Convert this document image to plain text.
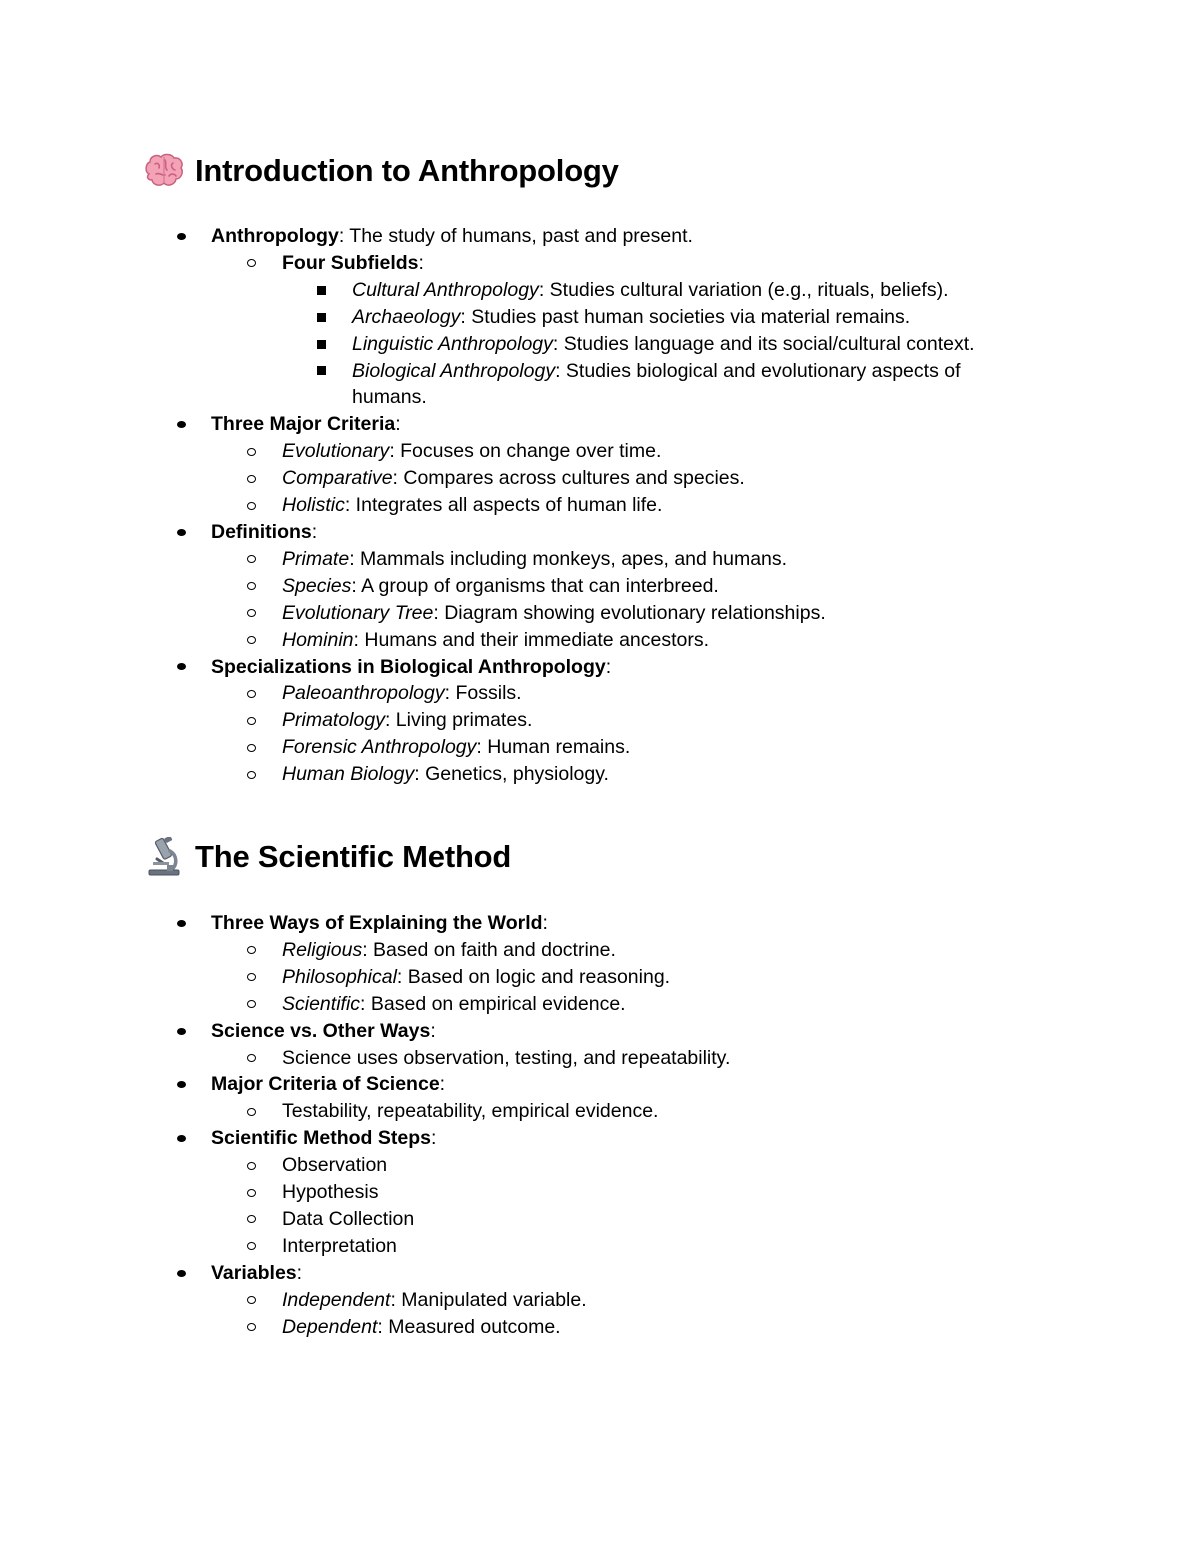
Introduction to Anthropology
Anthropology: The study of humans, past and present.
Four Subfields:
Cultural Anthropology: Studies cultural variation (e.g., rituals, beliefs).
Archaeology: Studies past human societies via material remains.
Linguistic Anthropology: Studies language and its social/cultural context.
Biological Anthropology: Studies biological and evolutionary aspects of humans.
Three Major Criteria:
Evolutionary: Focuses on change over time.
Comparative: Compares across cultures and species.
Holistic: Integrates all aspects of human life.
Definitions:
Primate: Mammals including monkeys, apes, and humans.
Species: A group of organisms that can interbreed.
Evolutionary Tree: Diagram showing evolutionary relationships.
Hominin: Humans and their immediate ancestors.
Specializations in Biological Anthropology:
Paleoanthropology: Fossils.
Primatology: Living primates.
Forensic Anthropology: Human remains.
Human Biology: Genetics, physiology.
The Scientific Method
Three Ways of Explaining the World:
Religious: Based on faith and doctrine.
Philosophical: Based on logic and reasoning.
Scientific: Based on empirical evidence.
Science vs. Other Ways:
Science uses observation, testing, and repeatability.
Major Criteria of Science:
Testability, repeatability, empirical evidence.
Scientific Method Steps:
Observation
Hypothesis
Data Collection
Interpretation
Variables:
Independent: Manipulated variable.
Dependent: Measured outcome.
